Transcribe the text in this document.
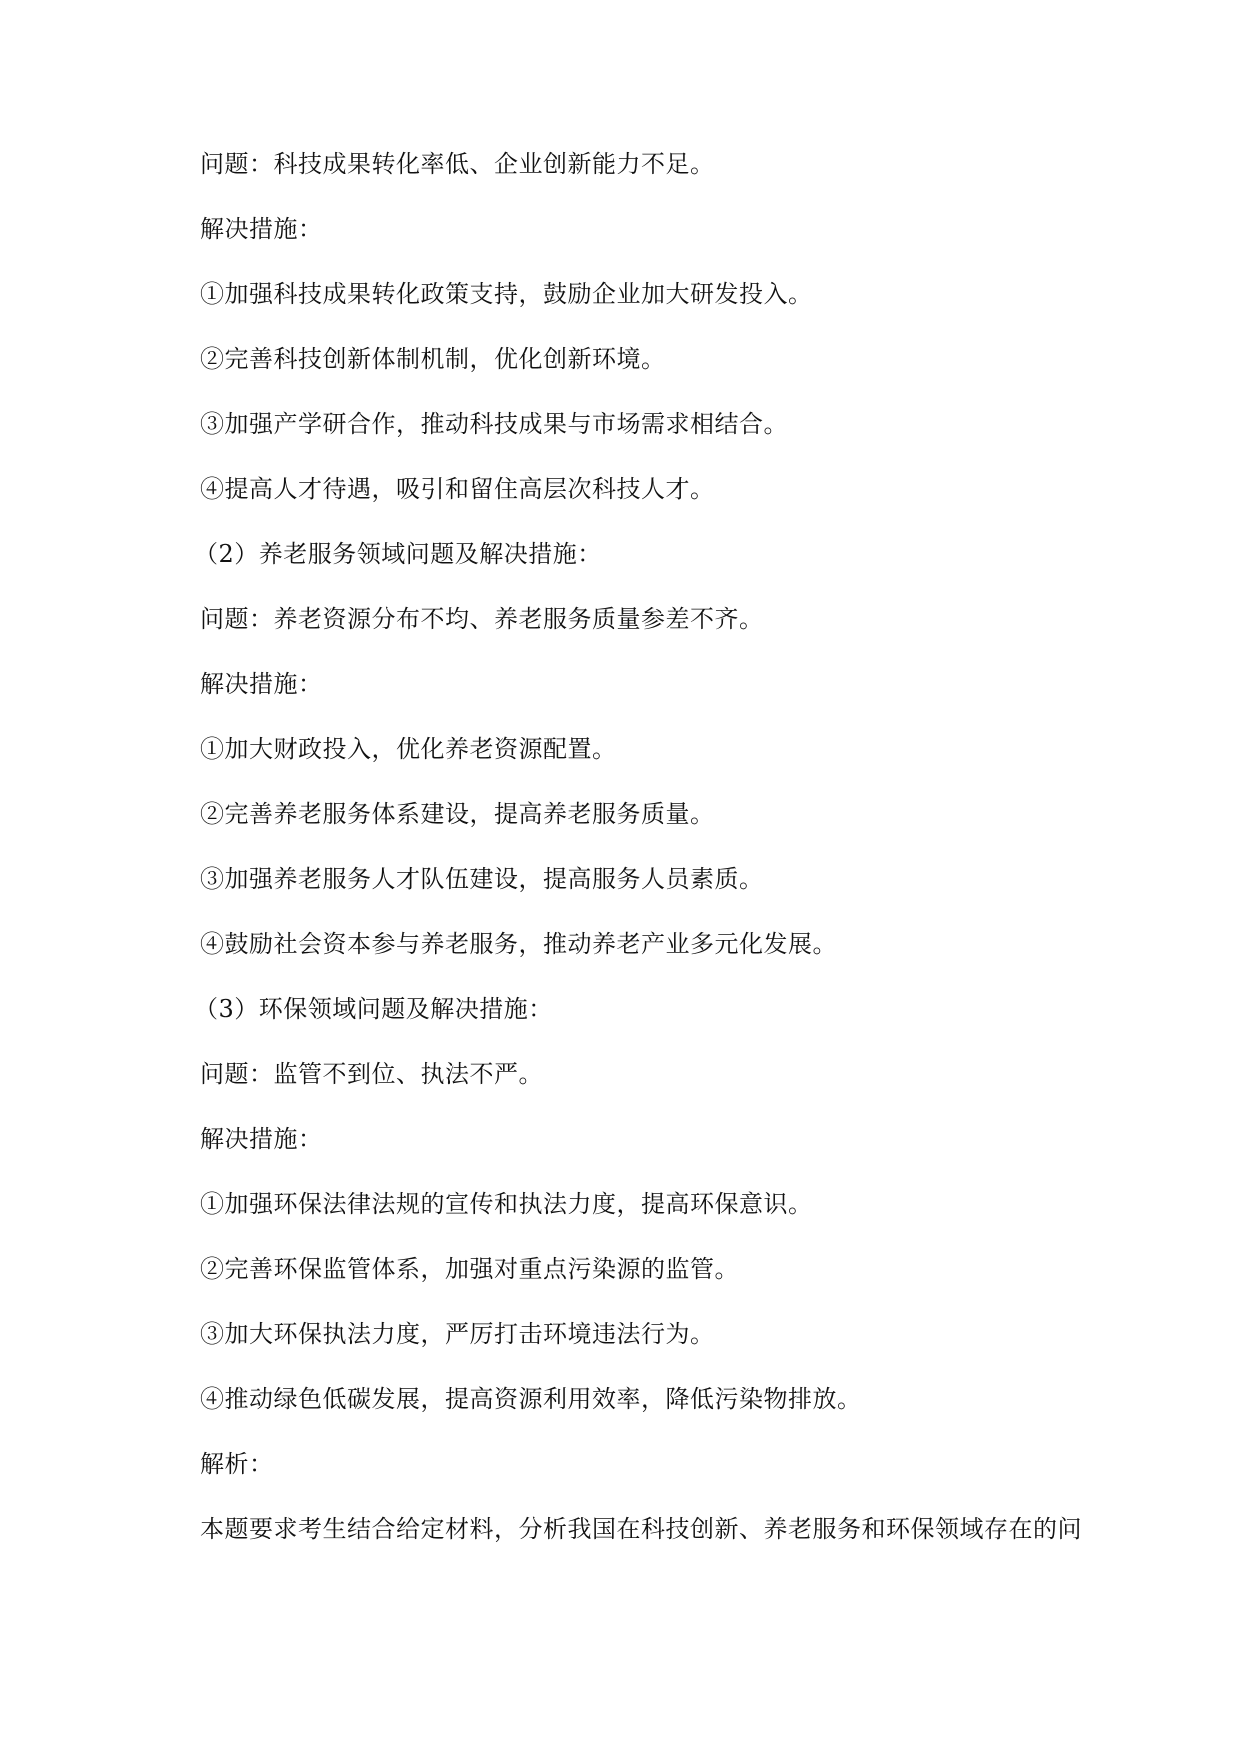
问题：科技成果转化率低、企业创新能力不足。

解决措施：

①加强科技成果转化政策支持，鼓励企业加大研发投入。

②完善科技创新体制机制，优化创新环境。

③加强产学研合作，推动科技成果与市场需求相结合。

④提高人才待遇，吸引和留住高层次科技人才。

（2）养老服务领域问题及解决措施：

问题：养老资源分布不均、养老服务质量参差不齐。

解决措施：

①加大财政投入，优化养老资源配置。

②完善养老服务体系建设，提高养老服务质量。

③加强养老服务人才队伍建设，提高服务人员素质。

④鼓励社会资本参与养老服务，推动养老产业多元化发展。

（3）环保领域问题及解决措施：

问题：监管不到位、执法不严。

解决措施：

①加强环保法律法规的宣传和执法力度，提高环保意识。

②完善环保监管体系，加强对重点污染源的监管。

③加大环保执法力度，严厉打击环境违法行为。

④推动绿色低碳发展，提高资源利用效率，降低污染物排放。

解析：

本题要求考生结合给定材料，分析我国在科技创新、养老服务和环保领域存在的问
